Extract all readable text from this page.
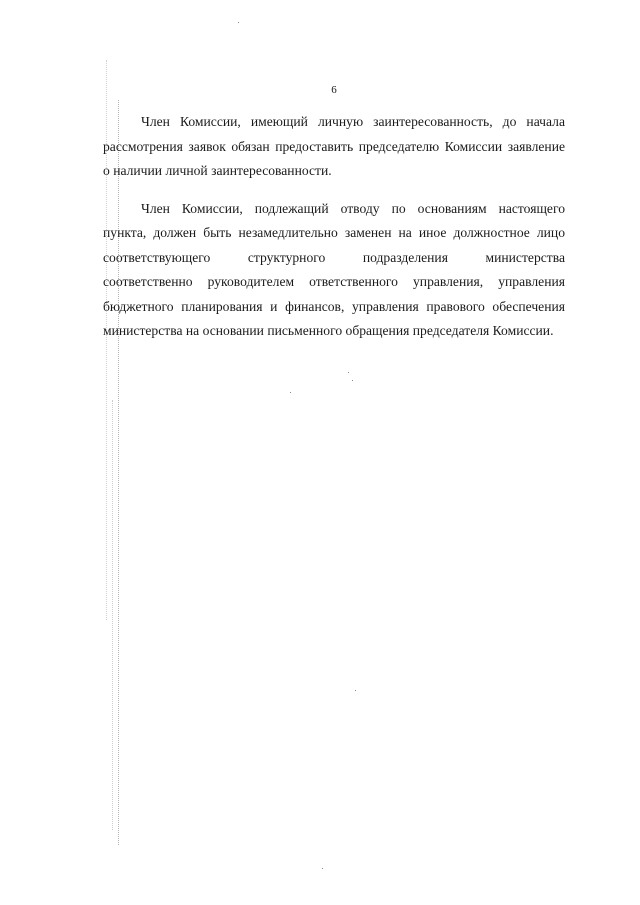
6

Член Комиссии, имеющий личную заинтересованность, до начала
рассмотрения заявок обязан предоставить председателю Комиссии заявление
о наличии личной заинтересованности.

Член Комиссии, подлежащий отводу по основаниям настоящего
пункта, должен быть незамедлительно заменен на иное должностное лицо
соответствующего структурного подразделения министерства
соответственно руководителем ответственного управления, управления
бюджетного планирования и финансов, управления правового обеспечения
министерства на основании письменного обращения председателя Комиссии.
